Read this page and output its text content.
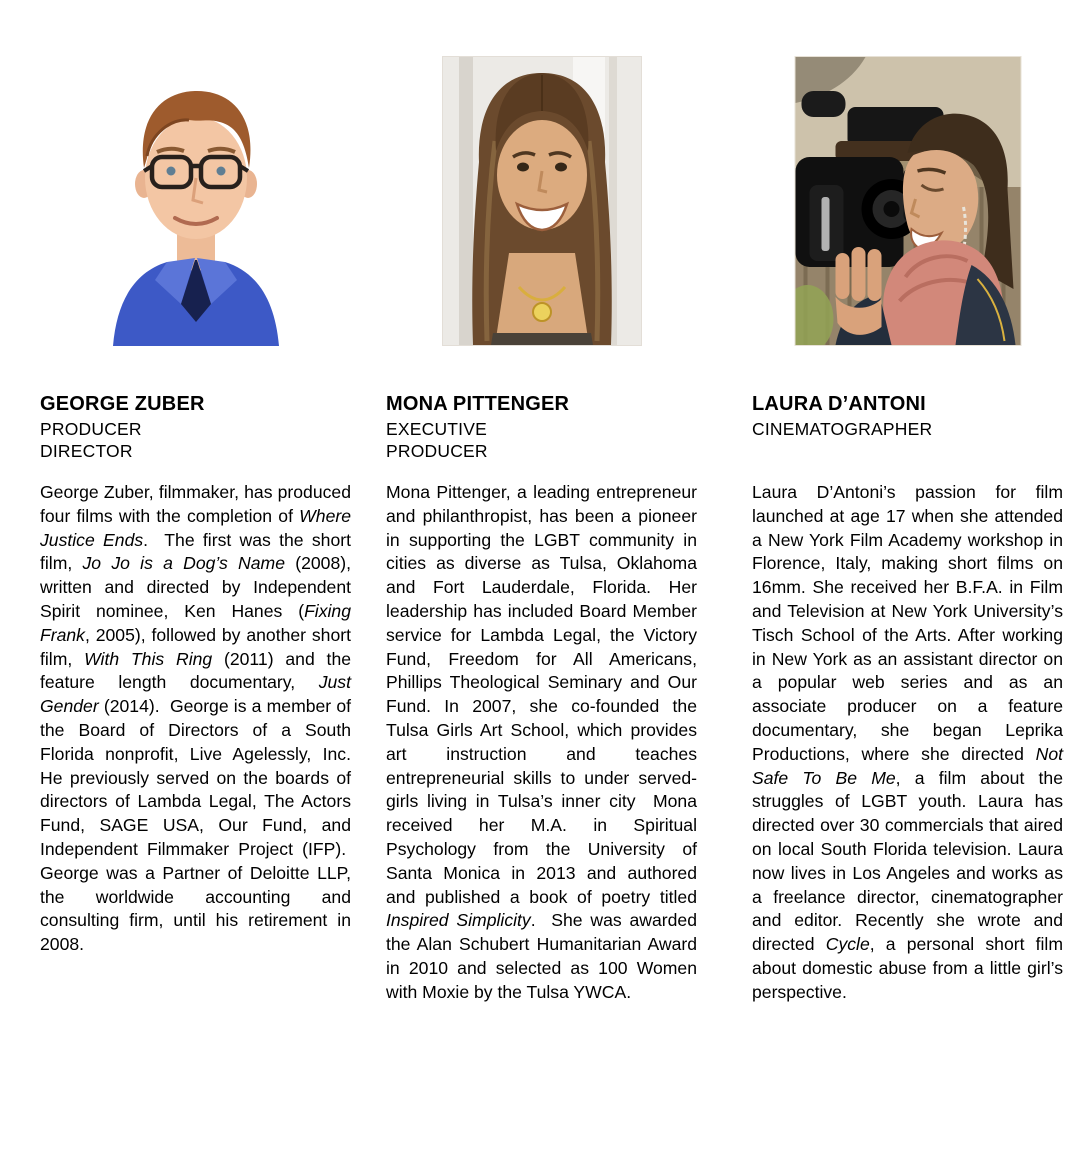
GEORGE ZUBER
PRODUCER
DIRECTOR

George Zuber, filmmaker, has produced four films with the completion of Where Justice Ends.  The first was the short film, Jo Jo is a Dog’s Name (2008), written and directed by Independent Spirit nominee, Ken Hanes (Fixing Frank, 2005), followed by another short film, With This Ring (2011) and the feature length documentary, Just Gender (2014).  George is a member of the Board of Directors of a South Florida nonprofit, Live Agelessly, Inc. He previously served on the boards of directors of Lambda Legal, The Actors Fund, SAGE USA, Our Fund, and Independent Filmmaker Project (IFP).  George was a Partner of Deloitte LLP, the worldwide accounting and consulting firm, until his retirement in 2008.

MONA PITTENGER
EXECUTIVE
PRODUCER

Mona Pittenger, a leading entrepreneur and philanthropist, has been a pioneer in supporting the LGBT community in cities as diverse as Tulsa, Oklahoma and Fort Lauderdale, Florida. Her leadership has included Board Member service for Lambda Legal, the Victory Fund, Freedom for All Americans, Phillips Theological Seminary and Our Fund. In 2007, she co-founded the Tulsa Girls Art School, which provides art instruction and teaches entrepreneurial skills to under served-girls living in Tulsa’s inner city  Mona received her M.A. in Spiritual Psychology from the University of Santa Monica in 2013 and authored and published a book of poetry titled Inspired Simplicity.  She was awarded the Alan Schubert Humanitarian Award in 2010 and selected as 100 Women with Moxie by the Tulsa YWCA.

LAURA D’ANTONI
CINEMATOGRAPHER

Laura D’Antoni’s passion for film launched at age 17 when she attended a New York Film Academy workshop in Florence, Italy, making short films on 16mm. She received her B.F.A. in Film and Television at New York University’s Tisch School of the Arts. After working in New York as an assistant director on a popular web series and as an associate producer on a feature documentary, she began Leprika Productions, where she directed Not Safe To Be Me, a film about the struggles of LGBT youth. Laura has directed over 30 commercials that aired on local South Florida television. Laura now lives in Los Angeles and works as a freelance director, cinematographer and editor. Recently she wrote and directed Cycle, a personal short film about domestic abuse from a little girl’s perspective.
